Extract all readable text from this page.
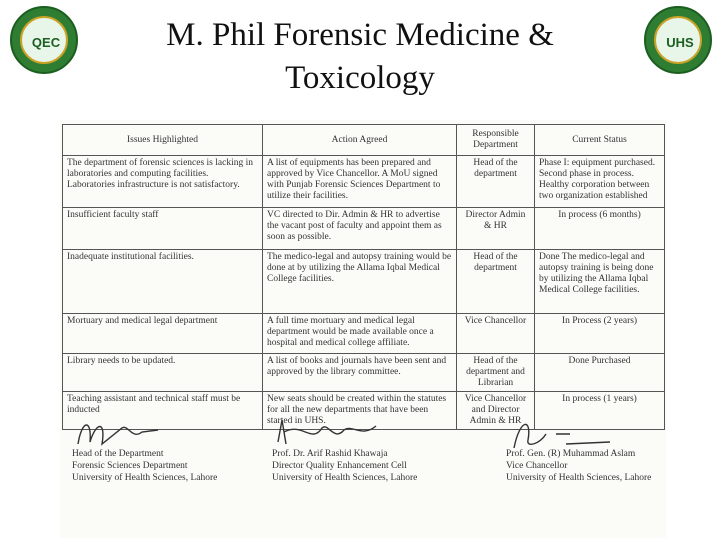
QEC	M. Phil Forensic Medicine &
Toxicology
UHS
Issues Highlighted	Action Agreed	Responsible Department	Current Status
The department of forensic sciences is lacking in laboratories and computing facilities. Laboratories infrastructure is not satisfactory.	A list of equipments has been prepared and approved by Vice Chancellor. A MoU signed with Punjab Forensic Sciences Department to utilize their facilities.	Head of the department	Phase I: equipment purchased. Second phase in process. Healthy corporation between two organization established
Insufficient faculty staff	VC directed to Dir. Admin & HR to advertise the vacant post of faculty and appoint them as soon as possible.	Director Admin & HR	In process (6 months)
Inadequate institutional facilities.	The medico-legal and autopsy training would be done at by utilizing the Allama Iqbal Medical College facilities.	Head of the department	Done The medico-legal and autopsy training is being done by utilizing the Allama Iqbal Medical College facilities.
Mortuary and medical legal department	A full time mortuary and medical legal department would be made available once a hospital and medical college affiliate.	Vice Chancellor	In Process (2 years)
Library needs to be updated.	A list of books and journals have been sent and approved by the library committee.	Head of the department and Librarian	Done Purchased
Teaching assistant and technical staff must be inducted	New seats should be created within the statutes for all the new departments that have been started in UHS.	Vice Chancellor and Director Admin & HR	In process (1 years)
Head of the Department
Forensic Sciences Department
University of Health Sciences, Lahore
Prof. Dr. Arif Rashid Khawaja
Director Quality Enhancement Cell
University of Health Sciences, Lahore
Prof. Gen. (R) Muhammad Aslam
Vice Chancellor
University of Health Sciences, Lahore
